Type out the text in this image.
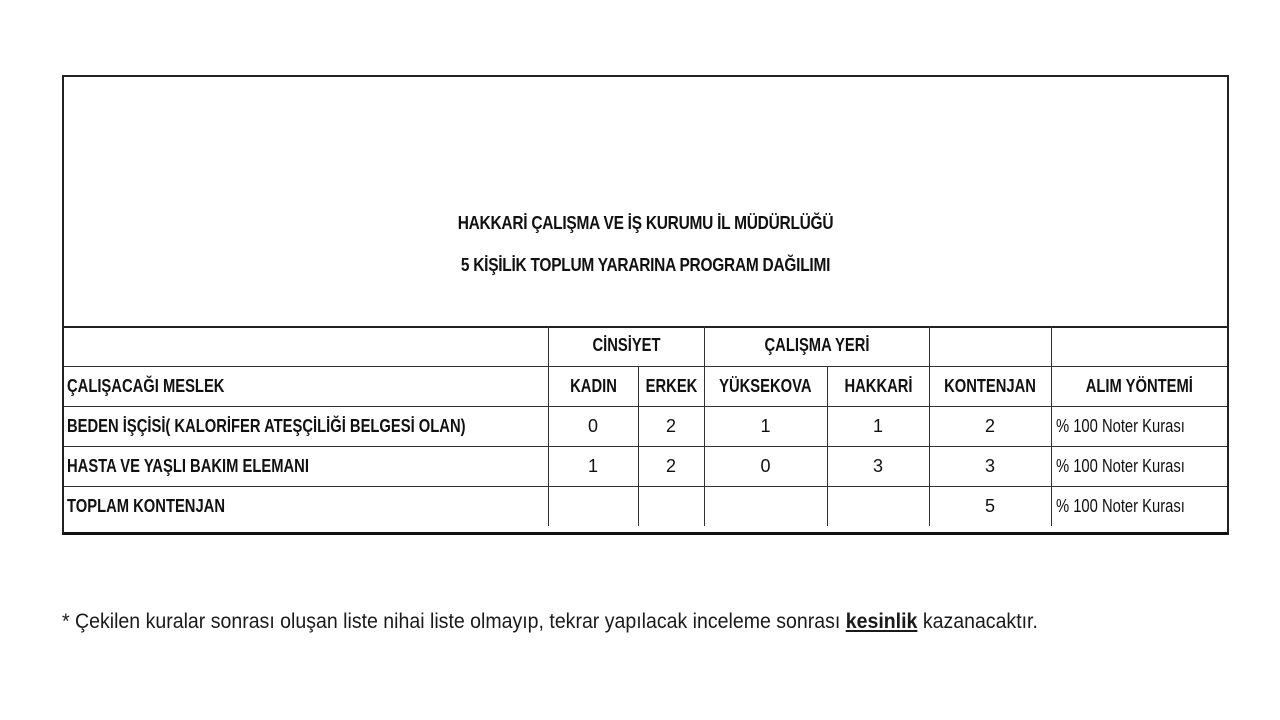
HAKKARİ ÇALIŞMA VE İŞ KURUMU İL MÜDÜRLÜĞÜ
5 KİŞİLİK TOPLUM YARARINA PROGRAM DAĞILIMI
	CİNSİYET		ÇALIŞMA YERİ			
ÇALIŞACAĞI MESLEK	KADIN	ERKEK	YÜKSEKOVA	HAKKARİ	KONTENJAN	ALIM YÖNTEMİ
BEDEN İŞÇİSİ( KALORİFER ATEŞÇİLİĞİ BELGESİ OLAN)	0	2	1	1	2	% 100 Noter Kurası
HASTA VE YAŞLI BAKIM ELEMANI	1	2	0	3	3	% 100 Noter Kurası
TOPLAM KONTENJAN					5	% 100 Noter Kurası
* Çekilen kuralar sonrası oluşan liste nihai liste olmayıp, tekrar yapılacak inceleme sonrası kesinlik kazanacaktır.
